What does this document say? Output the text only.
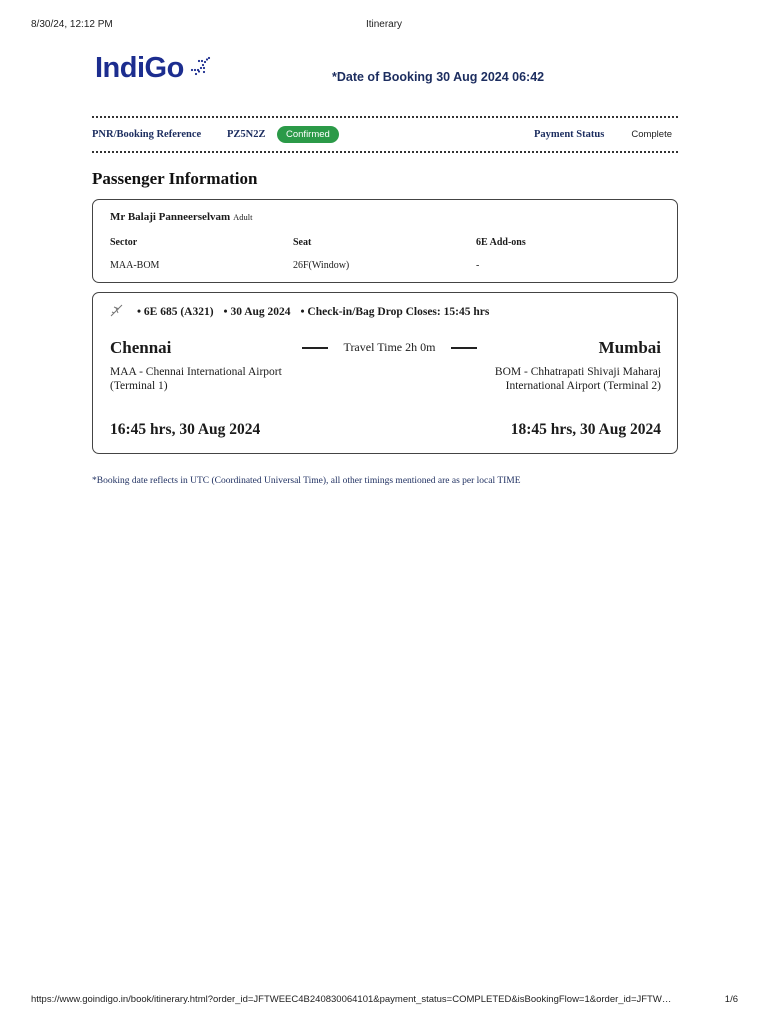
8/30/24, 12:12 PM	Itinerary
IndiGo	*Date of Booking 30 Aug 2024 06:42
PNR/Booking Reference PZ5N2Z	Confirmed	Payment Status	Complete
Passenger Information
Mr Balaji Panneerselvam Adult
Sector	Seat	6E Add-ons
MAA-BOM	26F(Window)	-
• 6E 685 (A321) • 30 Aug 2024 • Check-in/Bag Drop Closes: 15:45 hrs
Chennai	Travel Time 2h 0m	Mumbai
MAA - Chennai International Airport
(Terminal 1)
BOM - Chhatrapati Shivaji Maharaj
International Airport (Terminal 2)
16:45 hrs, 30 Aug 2024	18:45 hrs, 30 Aug 2024
*Booking date reflects in UTC (Coordinated Universal Time), all other timings mentioned are as per local TIME
https://www.goindigo.in/book/itinerary.html?order_id=JFTWEEC4B240830064101&payment_status=COMPLETED&isBookingFlow=1&order_id=JFTW…	1/6
